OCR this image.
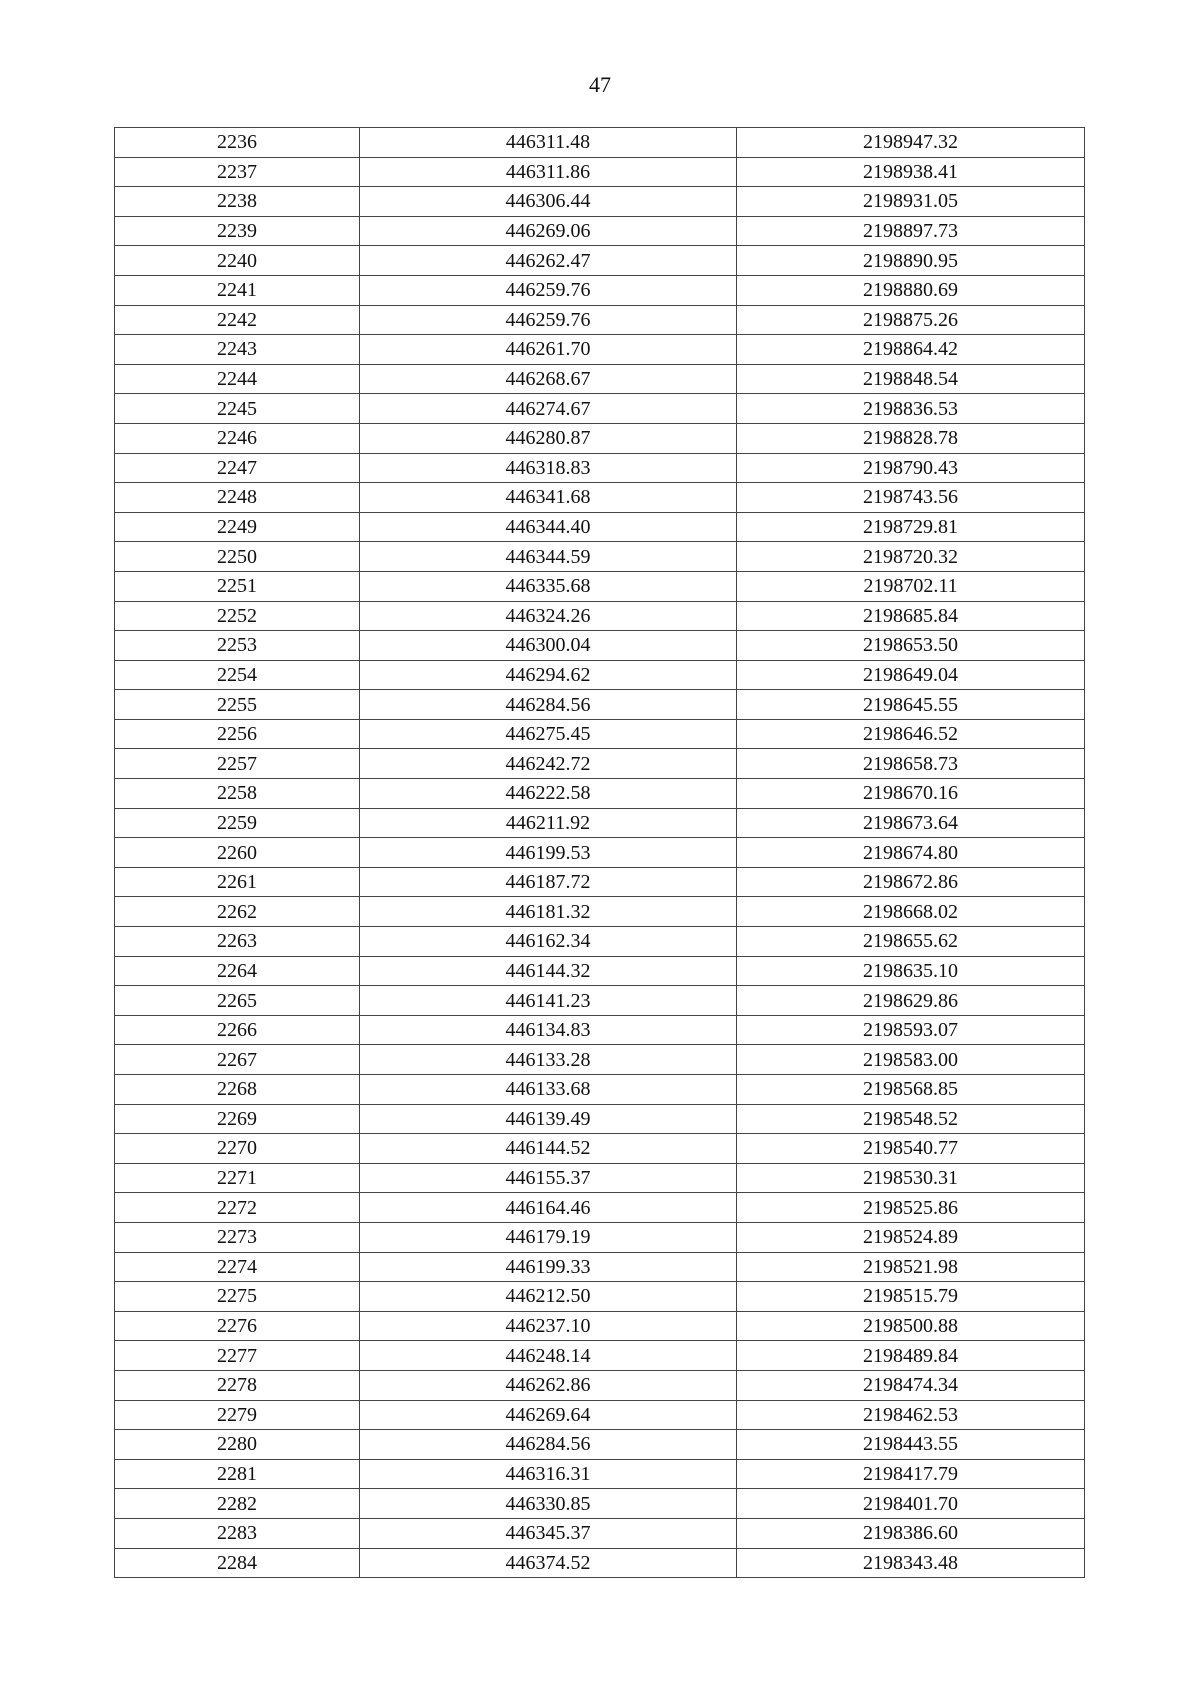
47
2236	446311.48	2198947.32
2237	446311.86	2198938.41
2238	446306.44	2198931.05
2239	446269.06	2198897.73
2240	446262.47	2198890.95
2241	446259.76	2198880.69
2242	446259.76	2198875.26
2243	446261.70	2198864.42
2244	446268.67	2198848.54
2245	446274.67	2198836.53
2246	446280.87	2198828.78
2247	446318.83	2198790.43
2248	446341.68	2198743.56
2249	446344.40	2198729.81
2250	446344.59	2198720.32
2251	446335.68	2198702.11
2252	446324.26	2198685.84
2253	446300.04	2198653.50
2254	446294.62	2198649.04
2255	446284.56	2198645.55
2256	446275.45	2198646.52
2257	446242.72	2198658.73
2258	446222.58	2198670.16
2259	446211.92	2198673.64
2260	446199.53	2198674.80
2261	446187.72	2198672.86
2262	446181.32	2198668.02
2263	446162.34	2198655.62
2264	446144.32	2198635.10
2265	446141.23	2198629.86
2266	446134.83	2198593.07
2267	446133.28	2198583.00
2268	446133.68	2198568.85
2269	446139.49	2198548.52
2270	446144.52	2198540.77
2271	446155.37	2198530.31
2272	446164.46	2198525.86
2273	446179.19	2198524.89
2274	446199.33	2198521.98
2275	446212.50	2198515.79
2276	446237.10	2198500.88
2277	446248.14	2198489.84
2278	446262.86	2198474.34
2279	446269.64	2198462.53
2280	446284.56	2198443.55
2281	446316.31	2198417.79
2282	446330.85	2198401.70
2283	446345.37	2198386.60
2284	446374.52	2198343.48
